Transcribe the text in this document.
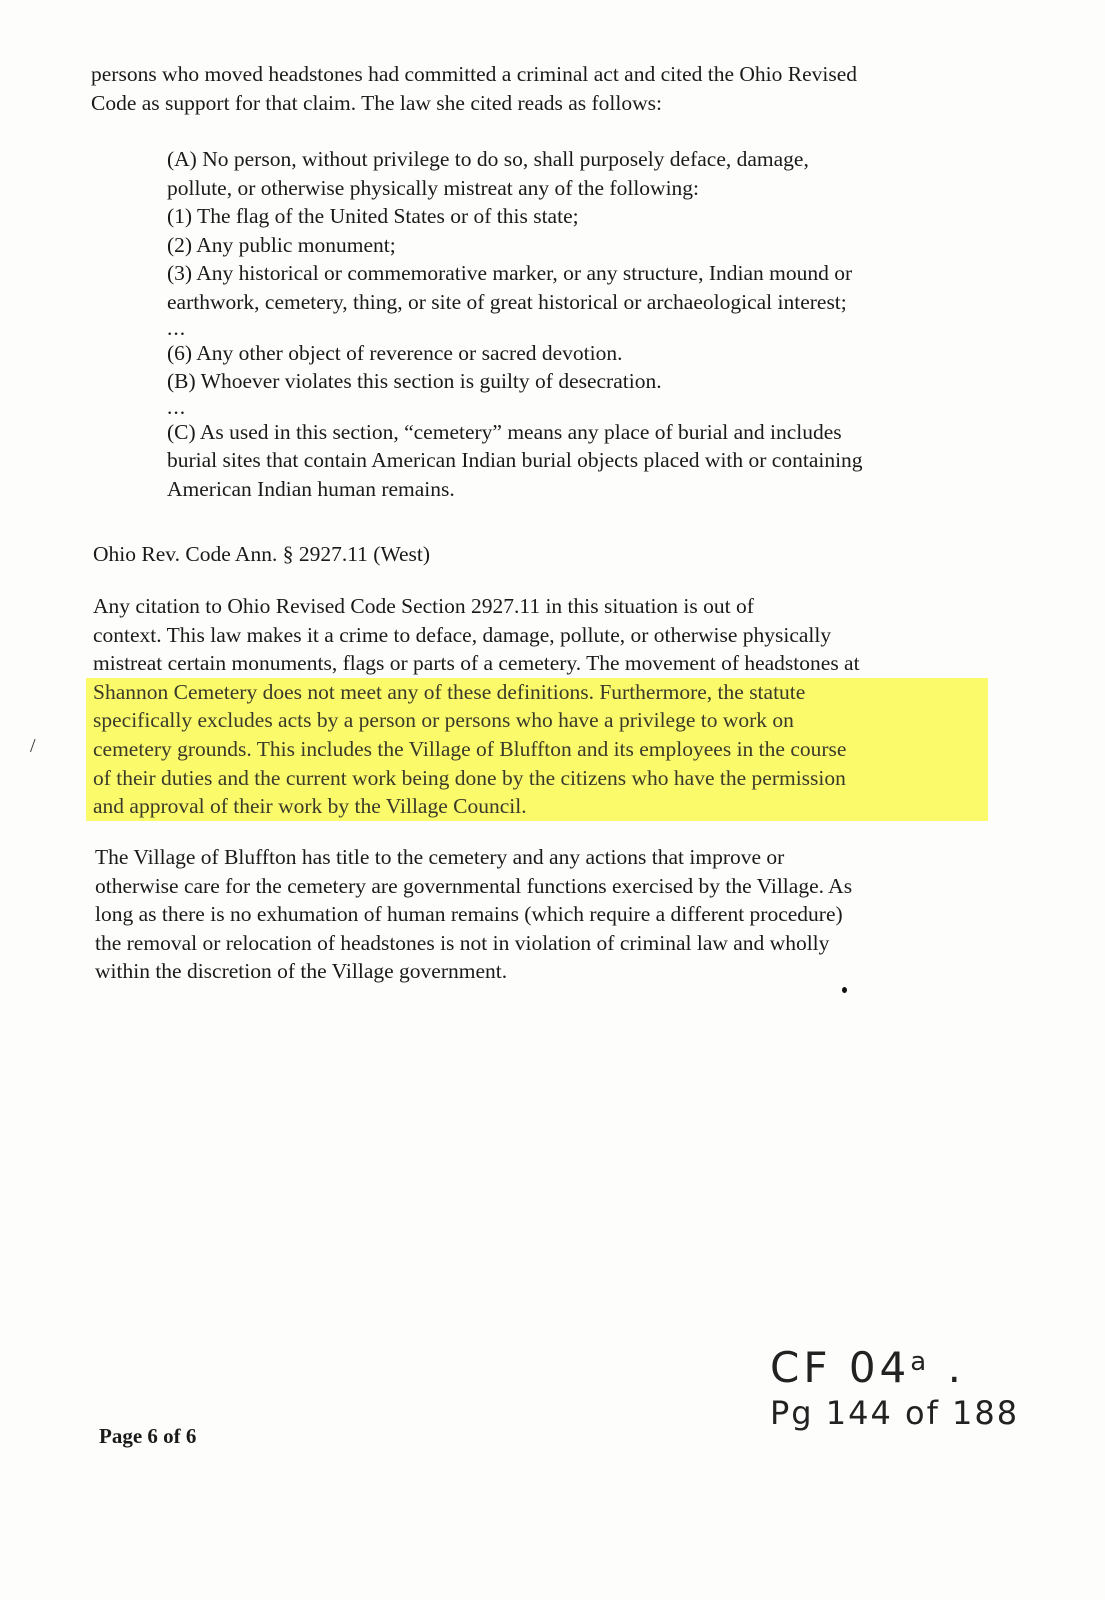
persons who moved headstones had committed a criminal act and cited the Ohio Revised
Code as support for that claim. The law she cited reads as follows:
(A) No person, without privilege to do so, shall purposely deface, damage,
pollute, or otherwise physically mistreat any of the following:
(1) The flag of the United States or of this state;
(2) Any public monument;
(3) Any historical or commemorative marker, or any structure, Indian mound or
earthwork, cemetery, thing, or site of great historical or archaeological interest;
...
(6) Any other object of reverence or sacred devotion.
(B) Whoever violates this section is guilty of desecration.
...
(C) As used in this section, “cemetery” means any place of burial and includes
burial sites that contain American Indian burial objects placed with or containing
American Indian human remains.
Ohio Rev. Code Ann. § 2927.11 (West)
Any citation to Ohio Revised Code Section 2927.11 in this situation is out of
context. This law makes it a crime to deface, damage, pollute, or otherwise physically
mistreat certain monuments, flags or parts of a cemetery. The movement of headstones at
Shannon Cemetery does not meet any of these definitions. Furthermore, the statute
specifically excludes acts by a person or persons who have a privilege to work on
cemetery grounds. This includes the Village of Bluffton and its employees in the course
of their duties and the current work being done by the citizens who have the permission
and approval of their work by the Village Council.
The Village of Bluffton has title to the cemetery and any actions that improve or
otherwise care for the cemetery are governmental functions exercised by the Village. As
long as there is no exhumation of human remains (which require a different procedure)
the removal or relocation of headstones is not in violation of criminal law and wholly
within the discretion of the Village government.
/
Page 6 of 6
CF 04$^a$ .
Pg 144 of 188
